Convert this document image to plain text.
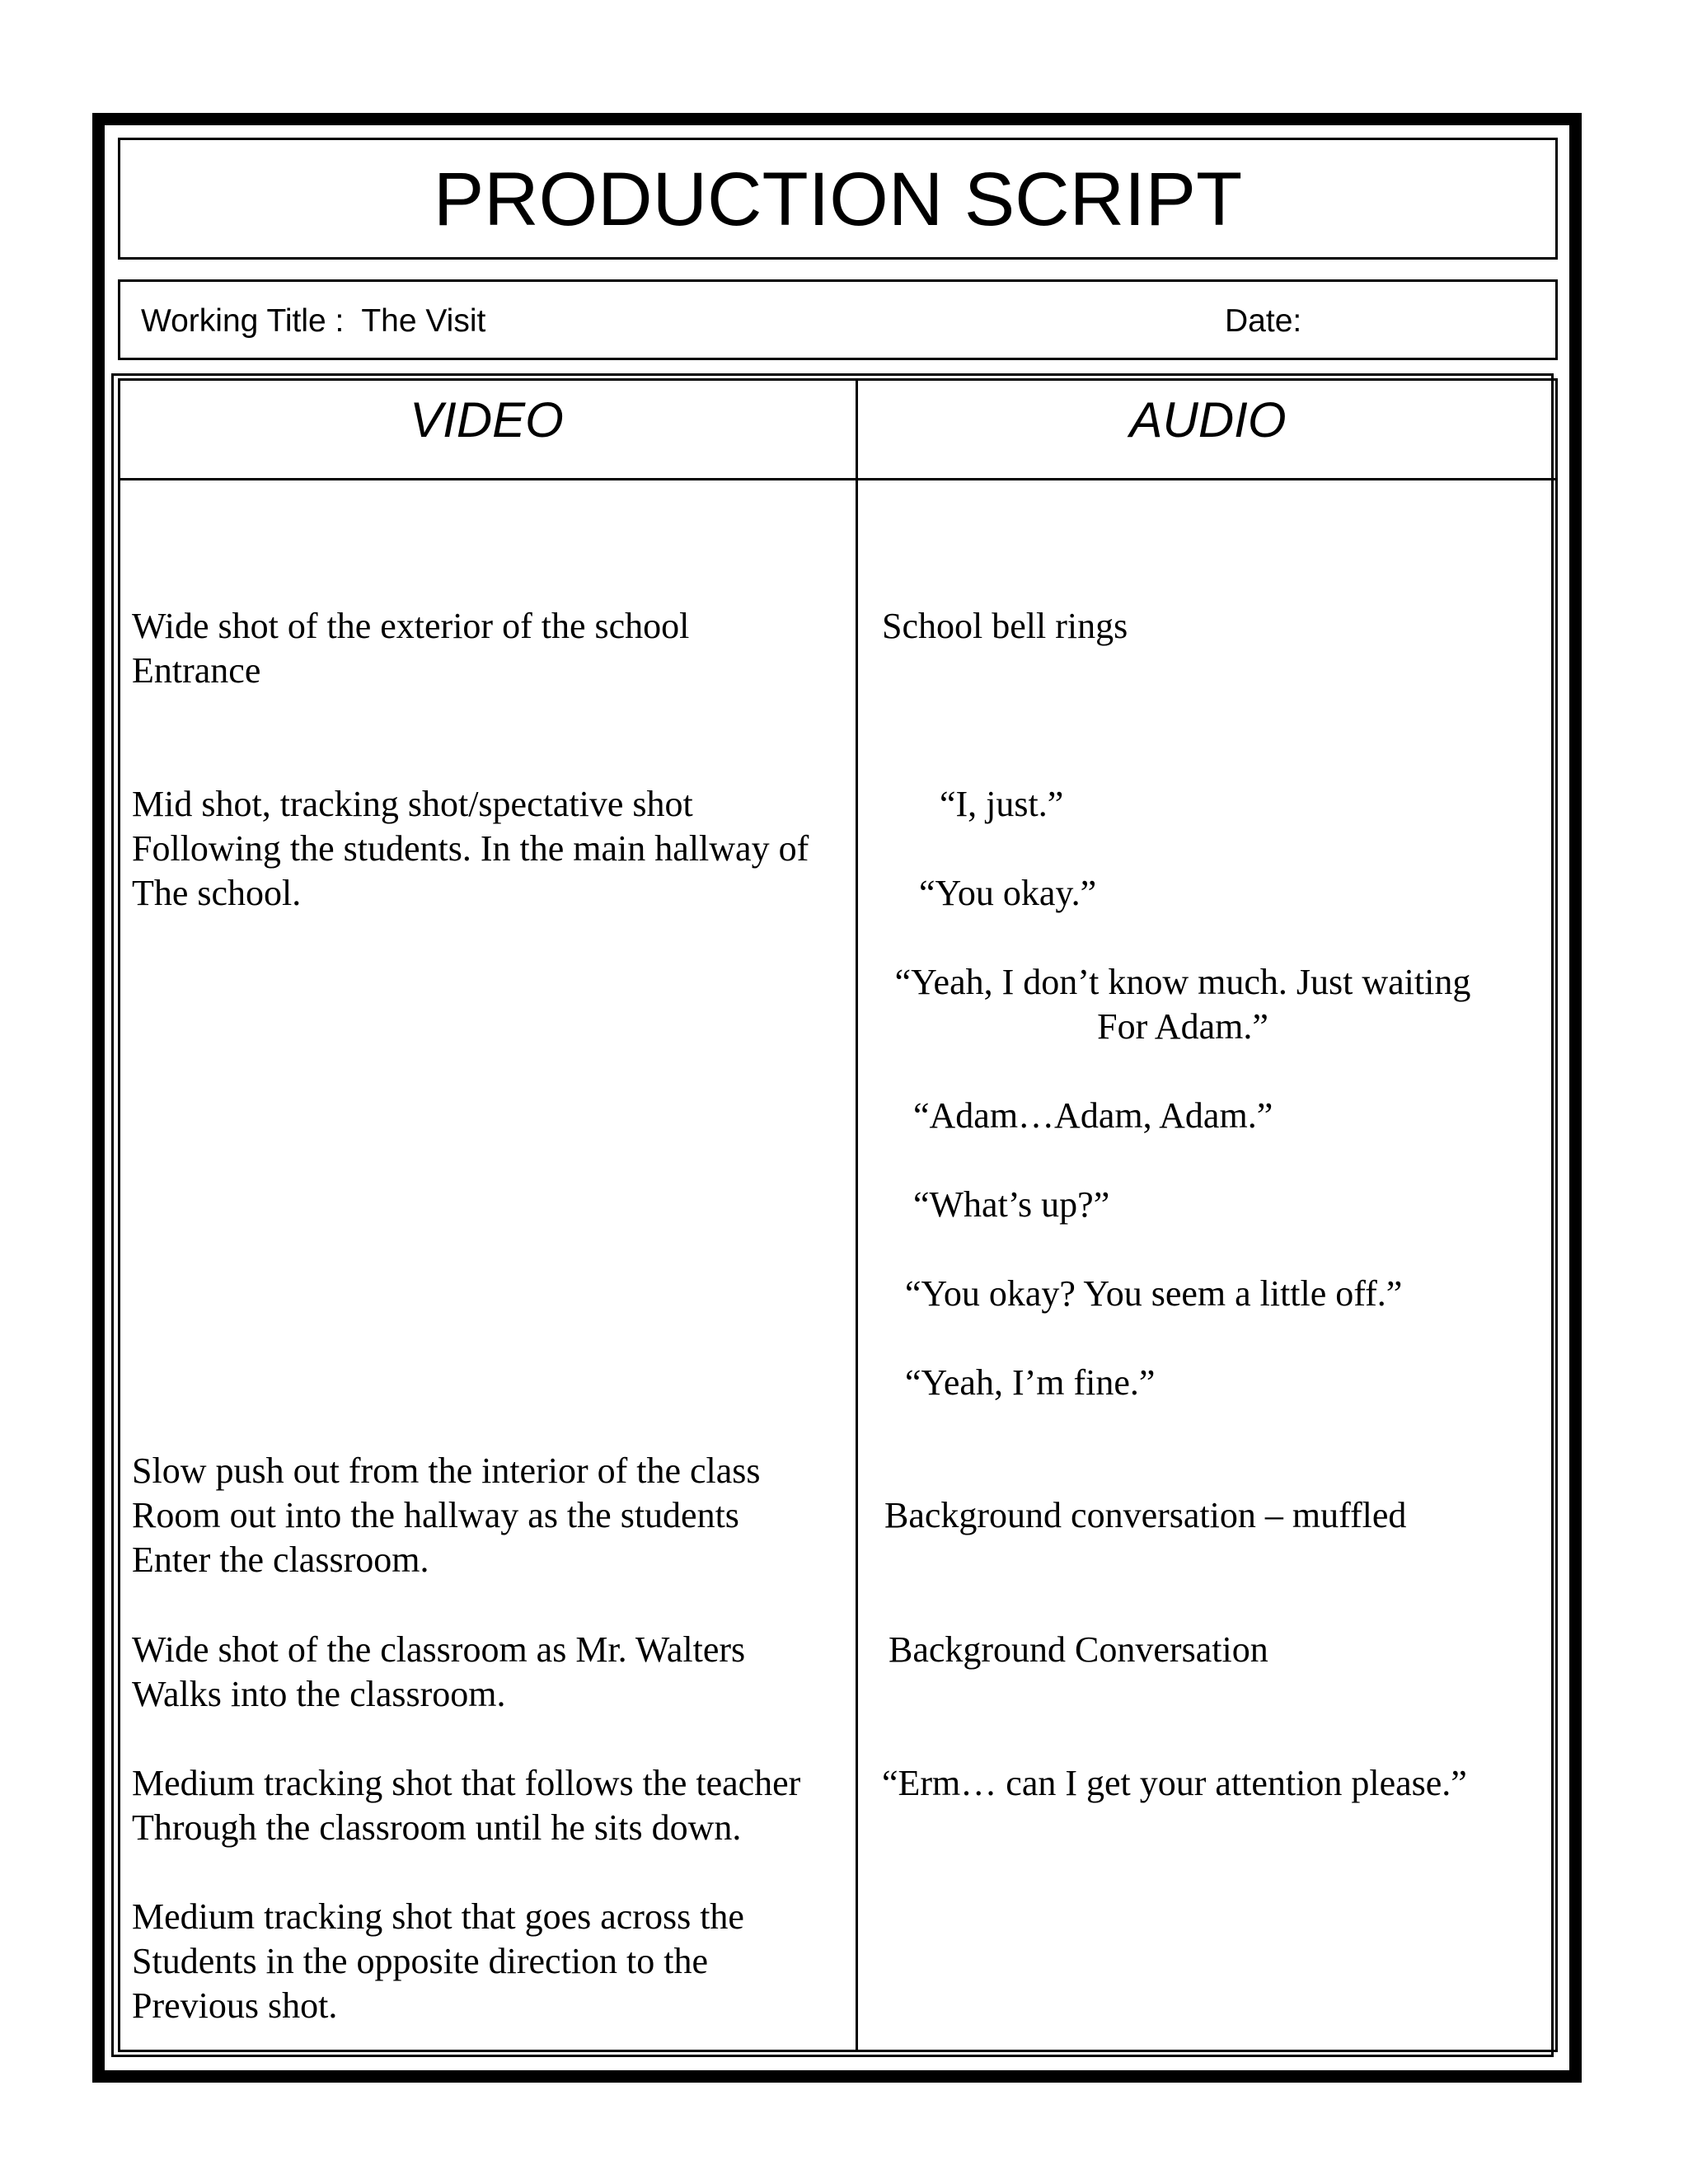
PRODUCTION SCRIPT
Working Title :  The Visit	Date:
VIDEO	AUDIO
Wide shot of the exterior of the school
Entrance
Mid shot, tracking shot/spectative shot
Following the students. In the main hallway of
The school.
Slow push out from the interior of the class
Room out into the hallway as the students
Enter the classroom.
Wide shot of the classroom as Mr. Walters
Walks into the classroom.
Medium tracking shot that follows the teacher
Through the classroom until he sits down.
Medium tracking shot that goes across the
Students in the opposite direction to the
Previous shot.
School bell rings
“I, just.”
“You okay.”
“Yeah, I don’t know much. Just waiting
For Adam.”
“Adam…Adam, Adam.”
“What’s up?”
“You okay? You seem a little off.”
“Yeah, I’m fine.”
Background conversation – muffled
Background Conversation
“Erm… can I get your attention please.”
